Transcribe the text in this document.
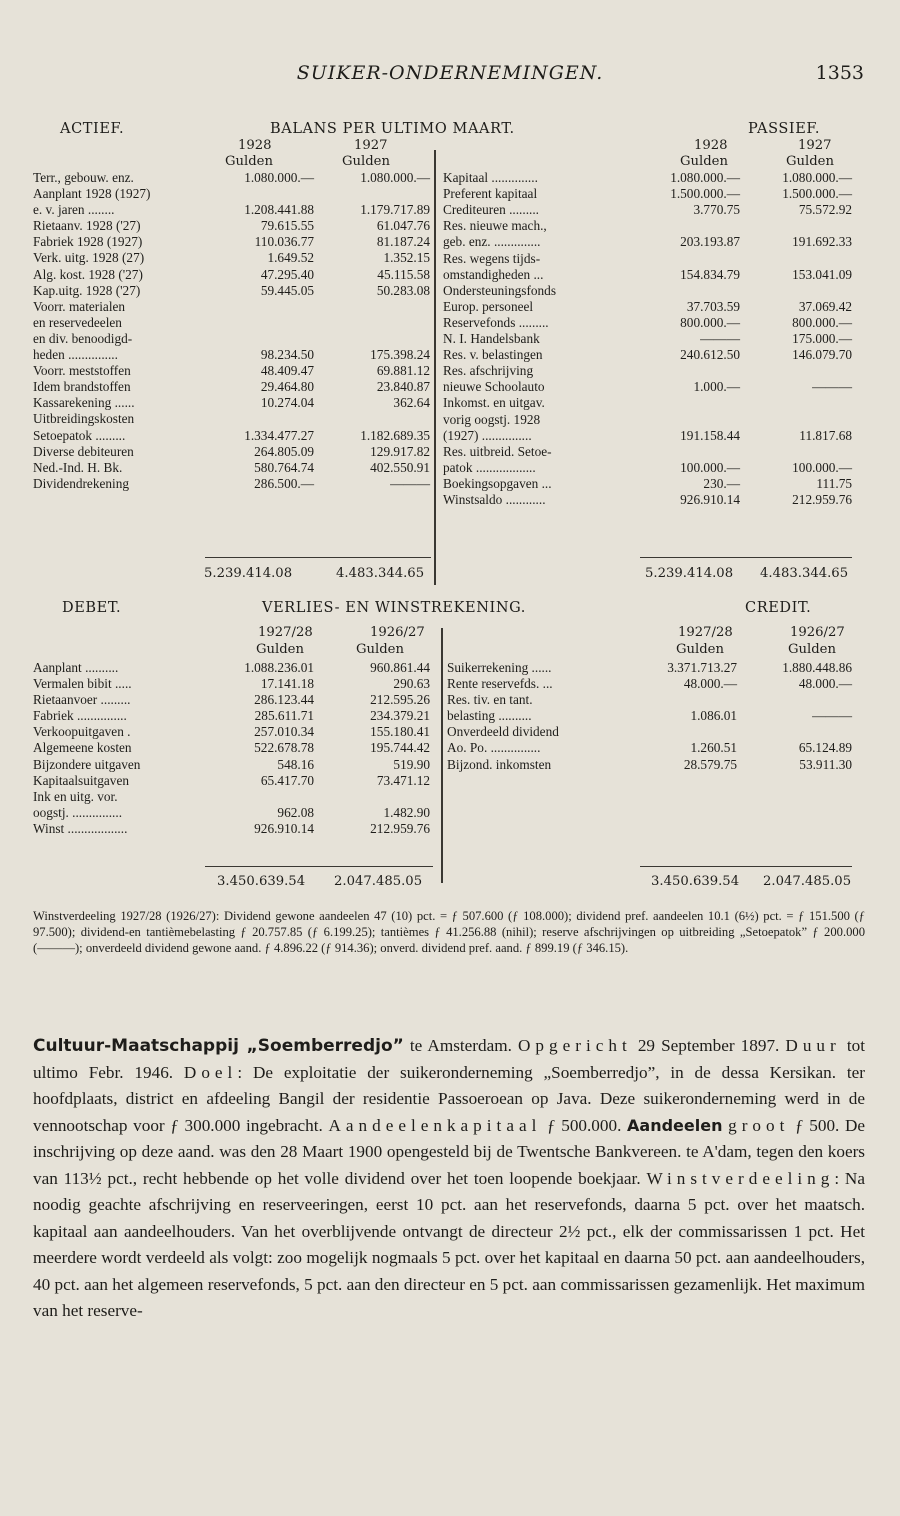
SUIKER-ONDERNEMINGEN.	1353
ACTIEF.	BALANS PER ULTIMO MAART.	PASSIEF.
1928	1927
Gulden	Gulden
1928	1927
Gulden	Gulden
Terr., gebouw. enz.	1.080.000.—	1.080.000.—
Aanplant 1928 (1927)		
e. v. jaren ........	1.208.441.88	1.179.717.89
Rietaanv. 1928 ('27)	79.615.55	61.047.76
Fabriek 1928 (1927)	110.036.77	81.187.24
Verk. uitg. 1928 (27)	1.649.52	1.352.15
Alg. kost. 1928 ('27)	47.295.40	45.115.58
Kap.uitg. 1928 ('27)	59.445.05	50.283.08
Voorr. materialen		
en reservedeelen		
en div. benoodigd-		
heden ...............	98.234.50	175.398.24
Voorr. meststoffen	48.409.47	69.881.12
Idem brandstoffen	29.464.80	23.840.87
Kassarekening ......	10.274.04	362.64
Uitbreidingskosten		
Setoepatok .........	1.334.477.27	1.182.689.35
Diverse debiteuren	264.805.09	129.917.82
Ned.-Ind. H. Bk.	580.764.74	402.550.91
Dividendrekening	286.500.—	———

Kapitaal ..............	1.080.000.—	1.080.000.—
Preferent kapitaal	1.500.000.—	1.500.000.—
Crediteuren .........	3.770.75	75.572.92
Res. nieuwe mach.,		
geb. enz. ..............	203.193.87	191.692.33
Res. wegens tijds-		
omstandigheden ...	154.834.79	153.041.09
Ondersteuningsfonds		
Europ. personeel	37.703.59	37.069.42
Reservefonds .........	800.000.—	800.000.—
N. I. Handelsbank	———	175.000.—
Res. v. belastingen	240.612.50	146.079.70
Res. afschrijving		
nieuwe Schoolauto	1.000.—	———
Inkomst. en uitgav.		
vorig oogstj. 1928		
(1927) ...............	191.158.44	11.817.68
Res. uitbreid. Setoe-		
patok ..................	100.000.—	100.000.—
Boekingsopgaven ...	230.—	111.75
Winstsaldo ............	926.910.14	212.959.76
5.239.414.08	4.483.344.65	5.239.414.08 4.483.344.65
DEBET.	VERLIES- EN WINSTREKENING.	CREDIT.
1927/28	1926/27
Gulden	Gulden
1927/28	1926/27
Gulden	Gulden
Aanplant ..........	1.088.236.01	960.861.44
Vermalen bibit .....	17.141.18	290.63
Rietaanvoer .........	286.123.44	212.595.26
Fabriek ...............	285.611.71	234.379.21
Verkoopuitgaven .	257.010.34	155.180.41
Algemeene kosten	522.678.78	195.744.42
Bijzondere uitgaven	548.16	519.90
Kapitaalsuitgaven	65.417.70	73.471.12
Ink en uitg. vor.		
oogstj. ...............	962.08	1.482.90
Winst ..................	926.910.14	212.959.76
Suikerrekening ......	3.371.713.27	1.880.448.86
Rente reservefds. ...	48.000.—	48.000.—
Res. tiv. en tant.		
belasting ..........	1.086.01	———
Onverdeeld dividend		
Ao. Po. ...............	1.260.51	65.124.89
Bijzond. inkomsten	28.579.75	53.911.30
3.450.639.54 2.047.485.05	3.450.639.54 2.047.485.05
Winstverdeeling 1927/28 (1926/27): Dividend gewone aandeelen 47 (10) pct. = ƒ 507.600 (ƒ 108.000); dividend pref. aandeelen 10.1 (6½) pct. = ƒ 151.500 (ƒ 97.500); dividend-en tantièmebelasting ƒ 20.757.85 (ƒ 6.199.25); tantièmes ƒ 41.256.88 (nihil); reserve afschrijvingen op uitbreiding „Setoepatok” ƒ 200.000 (———); onverdeeld dividend gewone aand. ƒ 4.896.22 (ƒ 914.36); onverd. dividend pref. aand. ƒ 899.19 (ƒ 346.15).
Cultuur-Maatschappij „Soemberredjo” te Amsterdam. Opgericht 29 September 1897. Duur tot ultimo Febr. 1946. Doel: De exploitatie der suikeronderneming „Soemberredjo”, in de dessa Kersikan. ter hoofdplaats, district en afdeeling Bangil der residentie Passoeroean op Java. Deze suikeronderneming werd in de vennootschap voor ƒ 300.000 ingebracht. Aandeelenkapitaal ƒ 500.000. Aandeelen groot ƒ 500. De inschrijving op deze aand. was den 28 Maart 1900 opengesteld bij de Twentsche Bankvereen. te A'dam, tegen den koers van 113½ pct., recht hebbende op het volle dividend over het toen loopende boekjaar. Winstverdeeling: Na noodig geachte afschrijving en reserveeringen, eerst 10 pct. aan het reservefonds, daarna 5 pct. over het maatsch. kapitaal aan aandeelhouders. Van het overblijvende ontvangt de directeur 2½ pct., elk der commissarissen 1 pct. Het meerdere wordt verdeeld als volgt: zoo mogelijk nogmaals 5 pct. over het kapitaal en daarna 50 pct. aan aandeelhouders, 40 pct. aan het algemeen reservefonds, 5 pct. aan den directeur en 5 pct. aan commissarissen gezamenlijk. Het maximum van het reserve-
